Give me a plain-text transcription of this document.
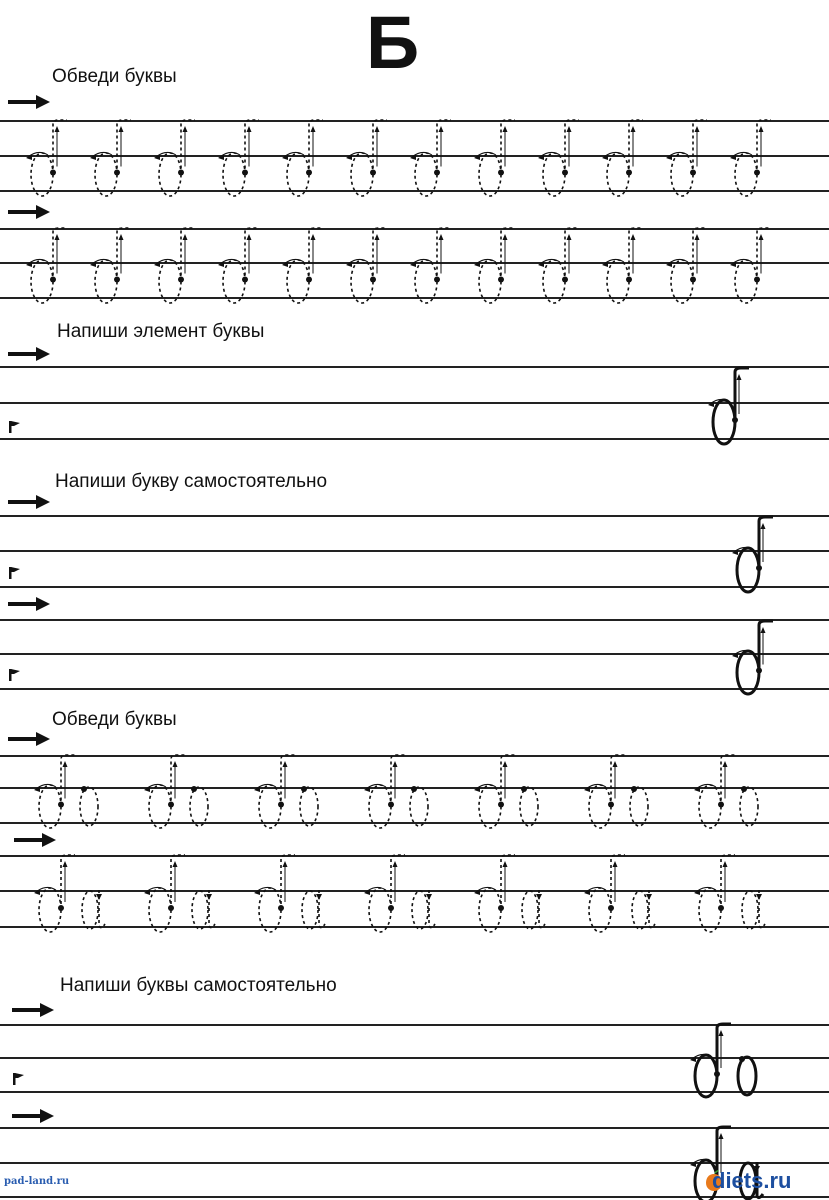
Б
Обведи буквы
Напиши элемент буквы
Напиши букву самостоятельно
Обведи буквы
Напиши буквы самостоятельно
pad-land.ru	diets.ru
